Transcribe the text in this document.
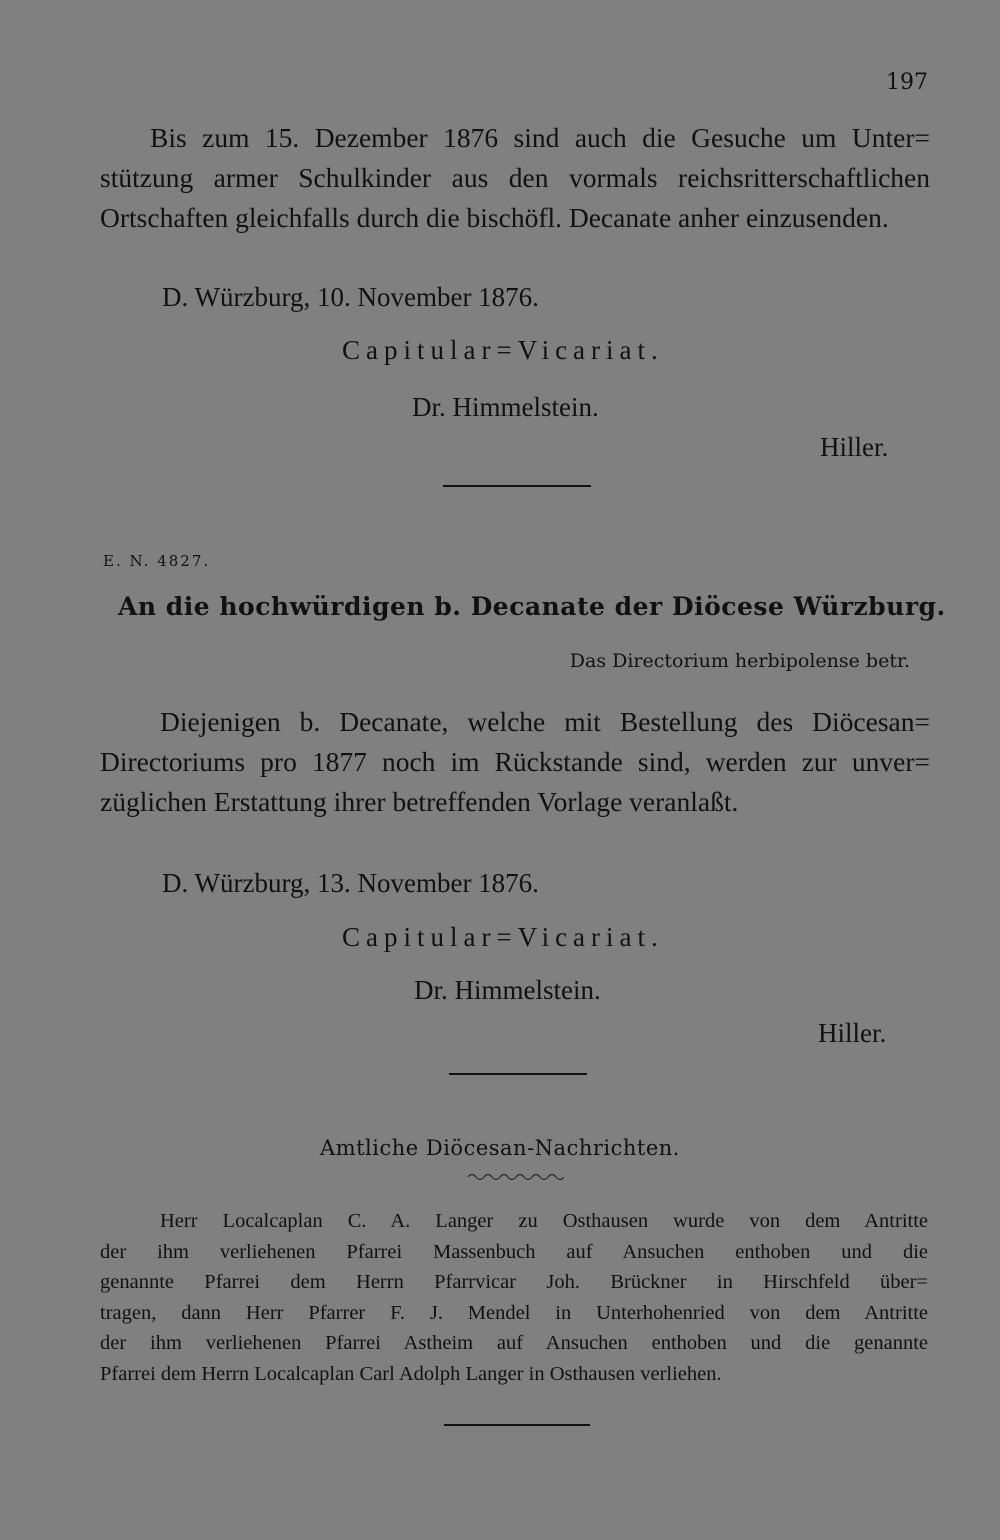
197
Bis zum 15. Dezember 1876 sind auch die Gesuche um Unter=
stützung armer Schulkinder aus den vormals reichsritterschaftlichen
Ortschaften gleichfalls durch die bischöfl. Decanate anher einzusenden.
D. Würzburg, 10. November 1876.
Capitular=Vicariat.
Dr. Himmelstein.
Hiller.
E. N. 4827.
An die hochwürdigen b. Decanate der Diöcese Würzburg.
Das Directorium herbipolense betr.
Diejenigen b. Decanate, welche mit Bestellung des Diöcesan=
Directoriums pro 1877 noch im Rückstande sind, werden zur unver=
züglichen Erstattung ihrer betreffenden Vorlage veranlaßt.
D. Würzburg, 13. November 1876.
Capitular=Vicariat.
Dr. Himmelstein.
Hiller.
Amtliche Diöcesan-Nachrichten.
Herr Localcaplan C. A. Langer zu Osthausen wurde von dem Antritte
der ihm verliehenen Pfarrei Massenbuch auf Ansuchen enthoben und die
genannte Pfarrei dem Herrn Pfarrvicar Joh. Brückner in Hirschfeld über=
tragen, dann Herr Pfarrer F. J. Mendel in Unterhohenried von dem Antritte
der ihm verliehenen Pfarrei Astheim auf Ansuchen enthoben und die genannte
Pfarrei dem Herrn Localcaplan Carl Adolph Langer in Osthausen verliehen.
